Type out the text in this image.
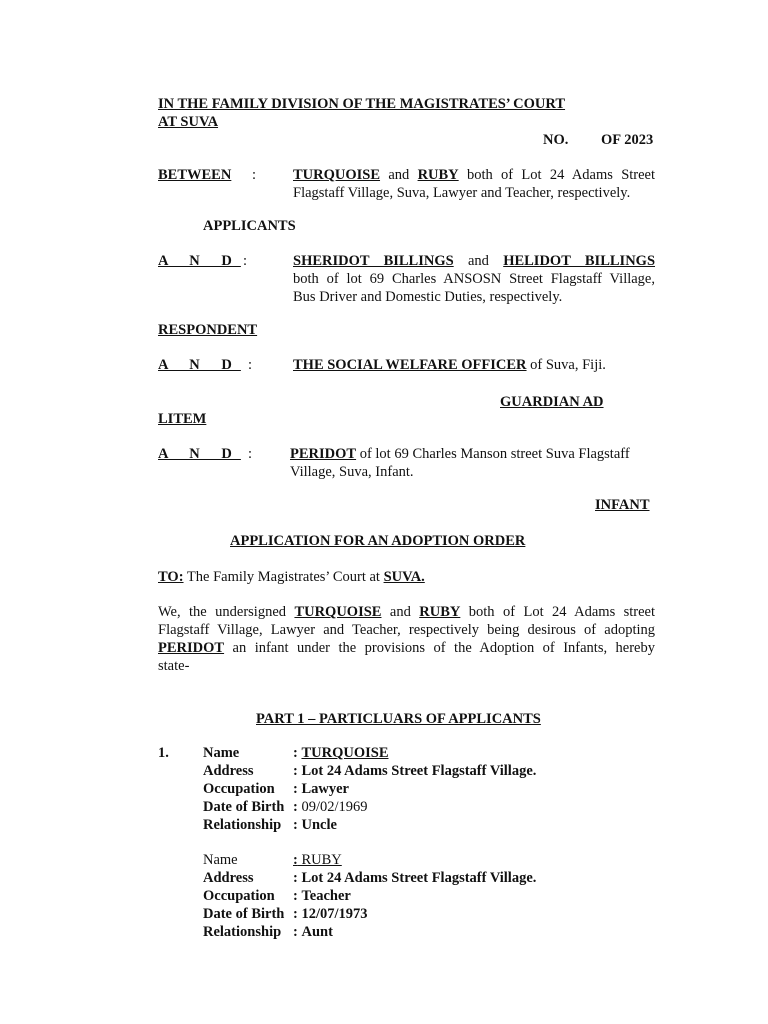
IN THE FAMILY DIVISION OF THE MAGISTRATES’ COURT
AT SUVA
NO. OF 2023
BETWEEN :	TURQUOISE and RUBY both of Lot 24 Adams Street
Flagstaff Village, Suva, Lawyer and Teacher, respectively.
APPLICANTS
A N D :	SHERIDOT BILLINGS and HELIDOT BILLINGS
both of lot 69 Charles ANSOSN Street Flagstaff Village,
Bus Driver and Domestic Duties, respectively.
RESPONDENT
A N D :	THE SOCIAL WELFARE OFFICER of Suva, Fiji.
GUARDIAN AD
LITEM
A N D :	PERIDOT of lot 69 Charles Manson street Suva Flagstaff
Village, Suva, Infant.
INFANT
APPLICATION FOR AN ADOPTION ORDER
TO: The Family Magistrates’ Court at SUVA.
We, the undersigned TURQUOISE and RUBY both of Lot 24 Adams street
Flagstaff Village, Lawyer and Teacher, respectively being desirous of adopting
PERIDOT an infant under the provisions of the Adoption of Infants, hereby
state-
PART 1 – PARTICLUARS OF APPLICANTS
1. Name	: TURQUOISE
Address	: Lot 24 Adams Street Flagstaff Village.
Occupation : Lawyer
Date of Birth : 09/02/1969
Relationship : Uncle
Name	: RUBY
Address	: Lot 24 Adams Street Flagstaff Village.
Occupation : Teacher
Date of Birth : 12/07/1973
Relationship : Aunt
